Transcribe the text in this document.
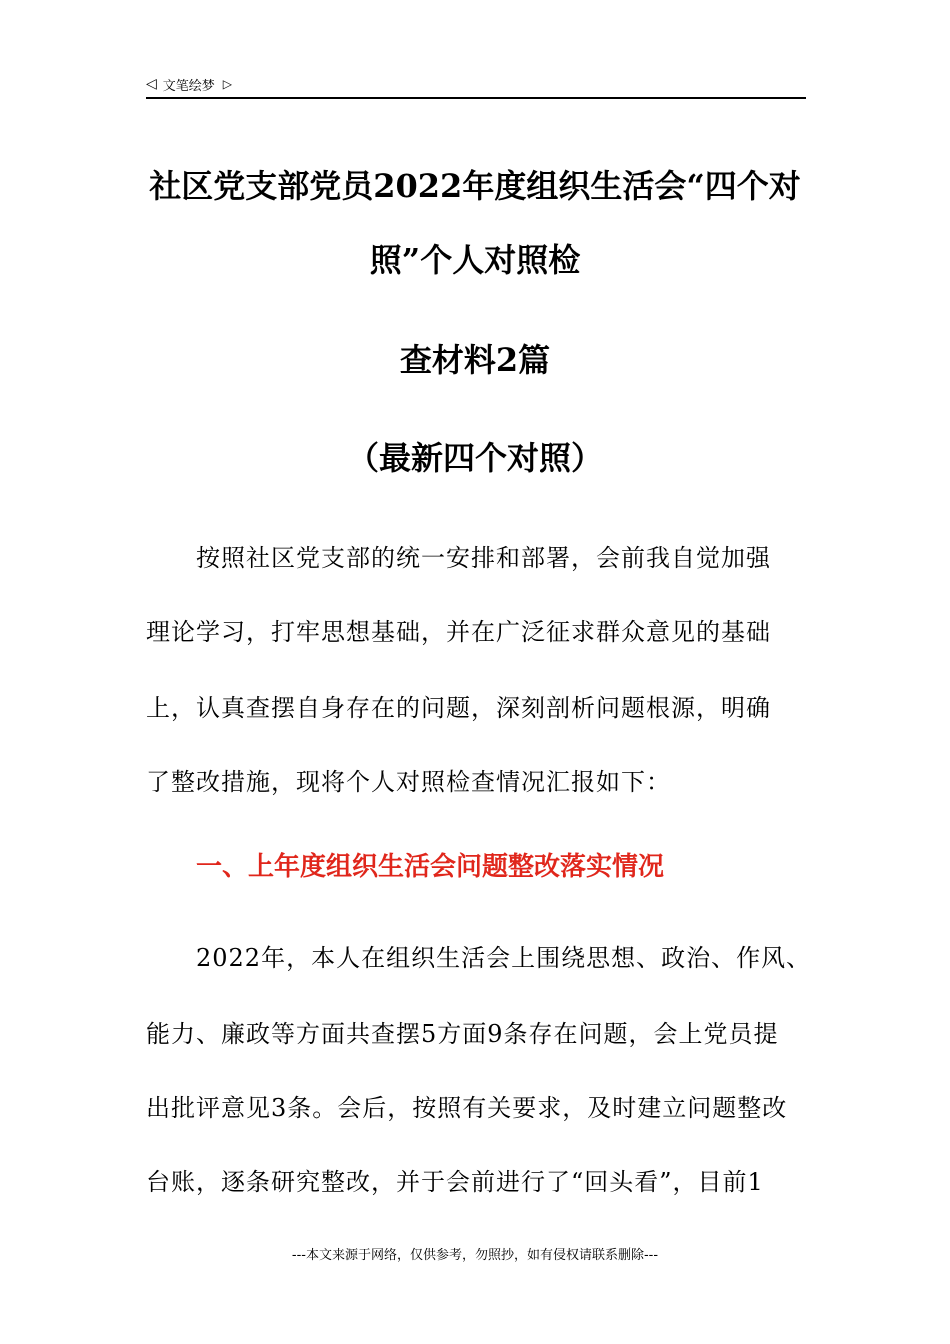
◁ 文笔绘梦 ▷
社区党支部党员2022年度组织生活会“四个对
照”个人对照检
查材料2篇
（最新四个对照）
按照社区党支部的统一安排和部署，会前我自觉加强
理论学习，打牢思想基础，并在广泛征求群众意见的基础
上，认真查摆自身存在的问题，深刻剖析问题根源，明确
了整改措施，现将个人对照检查情况汇报如下：
一、上年度组织生活会问题整改落实情况
2022年，本人在组织生活会上围绕思想、政治、作风、
能力、廉政等方面共查摆5方面9条存在问题，会上党员提
出批评意见3条。会后，按照有关要求，及时建立问题整改
台账，逐条研究整改，并于会前进行了“回头看”，目前1
---本文来源于网络，仅供参考，勿照抄，如有侵权请联系删除---
